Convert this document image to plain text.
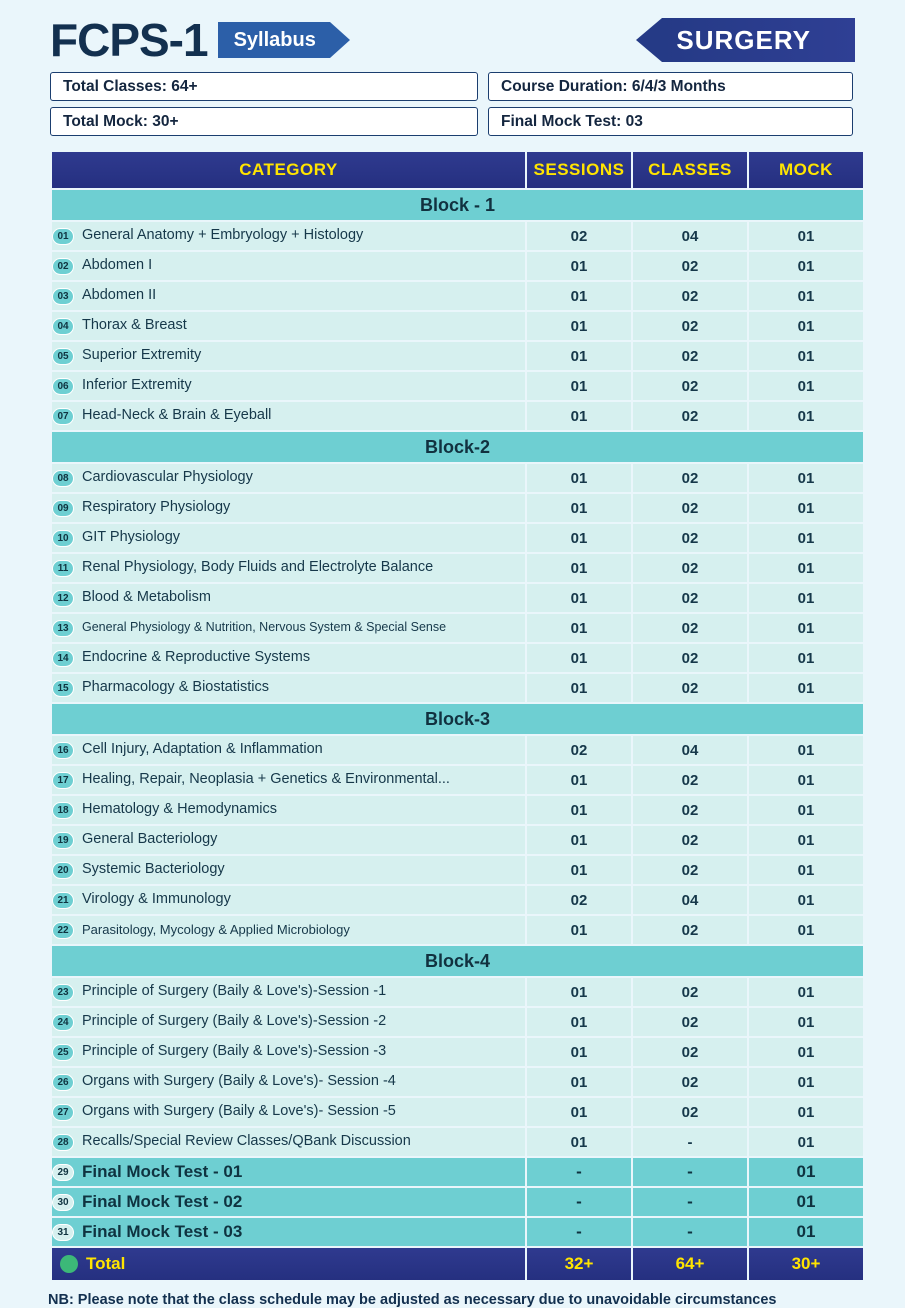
FCPS-1	Syllabus	SURGERY
Total Classes: 64+	Course Duration: 6/4/3 Months
Total Mock: 30+	Final Mock Test: 03
CATEGORY	SESSIONS	CLASSES	MOCK
Block - 1			

01 General Anatomy + Embryology + Histology	02	04	01

02 Abdomen I	01	02	01

03 Abdomen II	01	02	01

04 Thorax & Breast	01	02	01

05 Superior Extremity	01	02	01

06 Inferior Extremity	01	02	01

07 Head-Neck & Brain & Eyeball	01	02	01
Block-2			

08 Cardiovascular Physiology	01	02	01

09 Respiratory Physiology	01	02	01

10 GIT Physiology	01	02	01

11 Renal Physiology, Body Fluids and Electrolyte Balance	01	02	01

12 Blood & Metabolism	01	02	01

13 General Physiology & Nutrition, Nervous System & Special Sense	01	02	01

14 Endocrine & Reproductive Systems	01	02	01

15 Pharmacology & Biostatistics	01	02	01
Block-3			

16 Cell Injury, Adaptation & Inflammation	02	04	01

17 Healing, Repair, Neoplasia + Genetics & Environmental...	01	02	01

18 Hematology & Hemodynamics	01	02	01

19 General Bacteriology	01	02	01

20 Systemic Bacteriology	01	02	01

21 Virology & Immunology	02	04	01

22 Parasitology, Mycology & Applied Microbiology	01	02	01
Block-4			

23 Principle of Surgery (Baily & Love's)-Session -1	01	02	01

24 Principle of Surgery (Baily & Love's)-Session -2	01	02	01

25 Principle of Surgery (Baily & Love's)-Session -3	01	02	01

26 Organs with Surgery (Baily & Love's)- Session -4	01	02	01

27 Organs with Surgery (Baily & Love's)- Session -5	01	02	01

28 Recalls/Special Review Classes/QBank Discussion	01	-	01

29 Final Mock Test - 01	-	-	01

30 Final Mock Test - 02	-	-	01

31 Final Mock Test - 03	-	-	01

Total	32+	64+	30+
NB: Please note that the class schedule may be adjusted as necessary due to unavoidable circumstances
